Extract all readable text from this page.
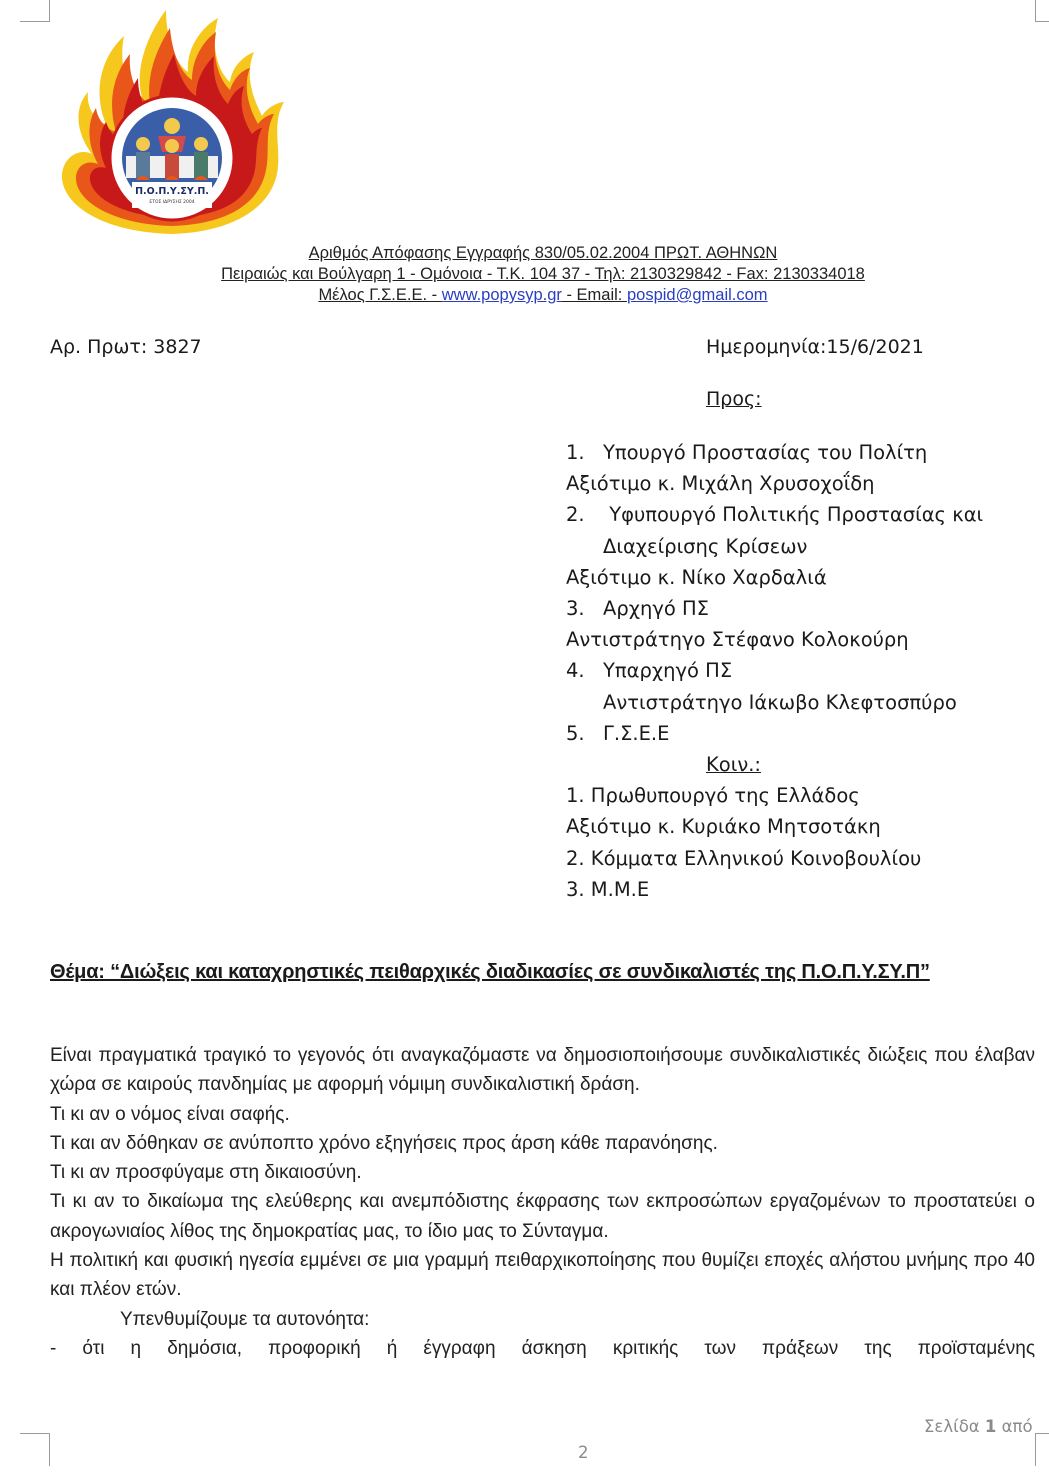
Π.Ο.Π.Υ.ΣΥ.Π.
ΕΤΟΣ ΙΔΡΥΣΗΣ 2004
Αριθμός Απόφασης Εγγραφής 830/05.02.2004 ΠΡΩΤ. ΑΘΗΝΩΝ
Πειραιώς και Βούλγαρη 1 - Ομόνοια - Τ.Κ. 104 37 - Τηλ: 2130329842 - Fax: 2130334018
Μέλος Γ.Σ.Ε.Ε. - www.popysyp.gr - Email: pospid@gmail.com
Αρ. Πρωτ: 3827	Ημερομηνία:15/6/2021
Προς:
1. Υπουργό Προστασίας του Πολίτη
Αξιότιμο κ. Μιχάλη Χρυσοχοΐδη
2. Υφυπουργό Πολιτικής Προστασίας και
Διαχείρισης Κρίσεων
Αξιότιμο κ. Νίκο Χαρδαλιά
3. Αρχηγό ΠΣ
Αντιστράτηγο Στέφανο Κολοκούρη
4. Υπαρχηγό ΠΣ
Αντιστράτηγο Ιάκωβο Κλεφτοσπύρο
5. Γ.Σ.Ε.Ε
Κοιν.:
1. Πρωθυπουργό της Ελλάδος
Αξιότιμο κ. Κυριάκο Μητσοτάκη
2. Κόμματα Ελληνικού Κοινοβουλίου
3. Μ.Μ.Ε
Θέμα: “Διώξεις και καταχρηστικές πειθαρχικές διαδικασίες σε συνδικαλιστές της Π.Ο.Π.Υ.ΣΥ.Π”

Είναι πραγματικά τραγικό το γεγονός ότι αναγκαζόμαστε να δημοσιοποιήσουμε συνδικαλιστικές διώξεις που έλαβαν χώρα σε καιρούς πανδημίας με αφορμή νόμιμη συνδικαλιστική δράση.

Τι κι αν ο νόμος είναι σαφής.

Τι και αν δόθηκαν σε ανύποπτο χρόνο εξηγήσεις προς άρση κάθε παρανόησης.

Τι κι αν προσφύγαμε στη δικαιοσύνη.

Τι κι αν το δικαίωμα της ελεύθερης και ανεμπόδιστης έκφρασης των εκπροσώπων εργαζομένων το προστατεύει ο ακρογωνιαίος λίθος της δημοκρατίας μας, το ίδιο μας το Σύνταγμα.

Η πολιτική και φυσική ηγεσία εμμένει σε μια γραμμή πειθαρχικοποίησης που θυμίζει εποχές αλήστου μνήμης προ 40 και πλέον ετών.

Υπενθυμίζουμε τα αυτονόητα:

- ότι η δημόσια, προφορική ή έγγραφη άσκηση κριτικής των πράξεων της προϊσταμένης

Σελίδα 1 από
2
